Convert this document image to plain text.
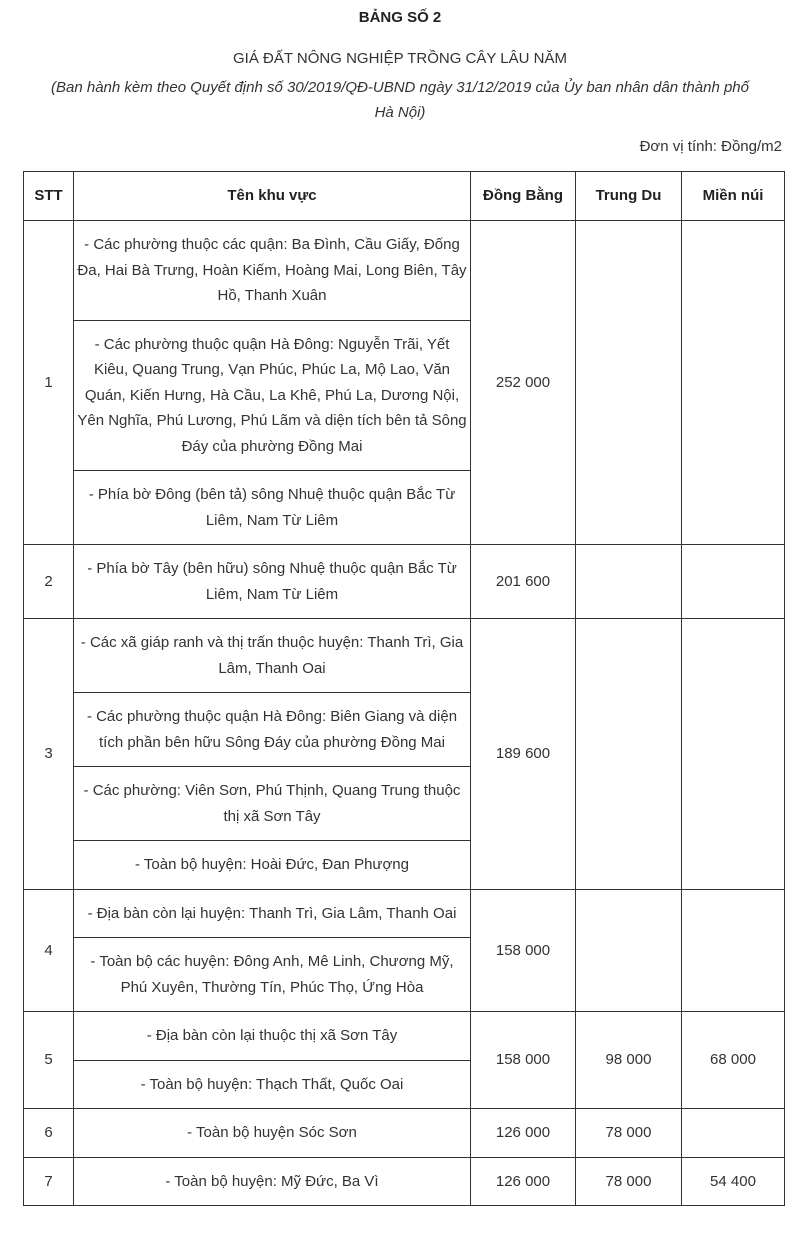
BẢNG SỐ 2
GIÁ ĐẤT NÔNG NGHIỆP TRỒNG CÂY LÂU NĂM
(Ban hành kèm theo Quyết định số 30/2019/QĐ-UBND ngày 31/12/2019 của Ủy ban nhân dân thành phố
Hà Nội)
Đơn vị tính: Đồng/m2
STT	Tên khu vực	Đồng Bằng	Trung Du	Miền núi
1	- Các phường thuộc các quận: Ba Đình, Cầu Giấy, Đống Đa, Hai Bà Trưng, Hoàn Kiếm, Hoàng Mai, Long Biên, Tây Hồ, Thanh Xuân	252 000		
	- Các phường thuộc quận Hà Đông: Nguyễn Trãi, Yết Kiêu, Quang Trung, Vạn Phúc, Phúc La, Mộ Lao, Văn Quán, Kiến Hưng, Hà Cầu, La Khê, Phú La, Dương Nội, Yên Nghĩa, Phú Lương, Phú Lãm và diện tích bên tả Sông Đáy của phường Đồng Mai			
	- Phía bờ Đông (bên tả) sông Nhuệ thuộc quận Bắc Từ Liêm, Nam Từ Liêm			
2	- Phía bờ Tây (bên hữu) sông Nhuệ thuộc quận Bắc Từ Liêm, Nam Từ Liêm	201 600		
3	- Các xã giáp ranh và thị trấn thuộc huyện: Thanh Trì, Gia Lâm, Thanh Oai	189 600		
	- Các phường thuộc quận Hà Đông: Biên Giang và diện tích phần bên hữu Sông Đáy của phường Đồng Mai			
	- Các phường: Viên Sơn, Phú Thịnh, Quang Trung thuộc thị xã Sơn Tây			
	- Toàn bộ huyện: Hoài Đức, Đan Phượng			
4	- Địa bàn còn lại huyện: Thanh Trì, Gia Lâm, Thanh Oai	158 000		
	- Toàn bộ các huyện: Đông Anh, Mê Linh, Chương Mỹ, Phú Xuyên, Thường Tín, Phúc Thọ, Ứng Hòa			
5	- Địa bàn còn lại thuộc thị xã Sơn Tây	158 000	98 000	68 000
	- Toàn bộ huyện: Thạch Thất, Quốc Oai			
6	- Toàn bộ huyện Sóc Sơn	126 000	78 000	
7	- Toàn bộ huyện: Mỹ Đức, Ba Vì	126 000	78 000	54 400
